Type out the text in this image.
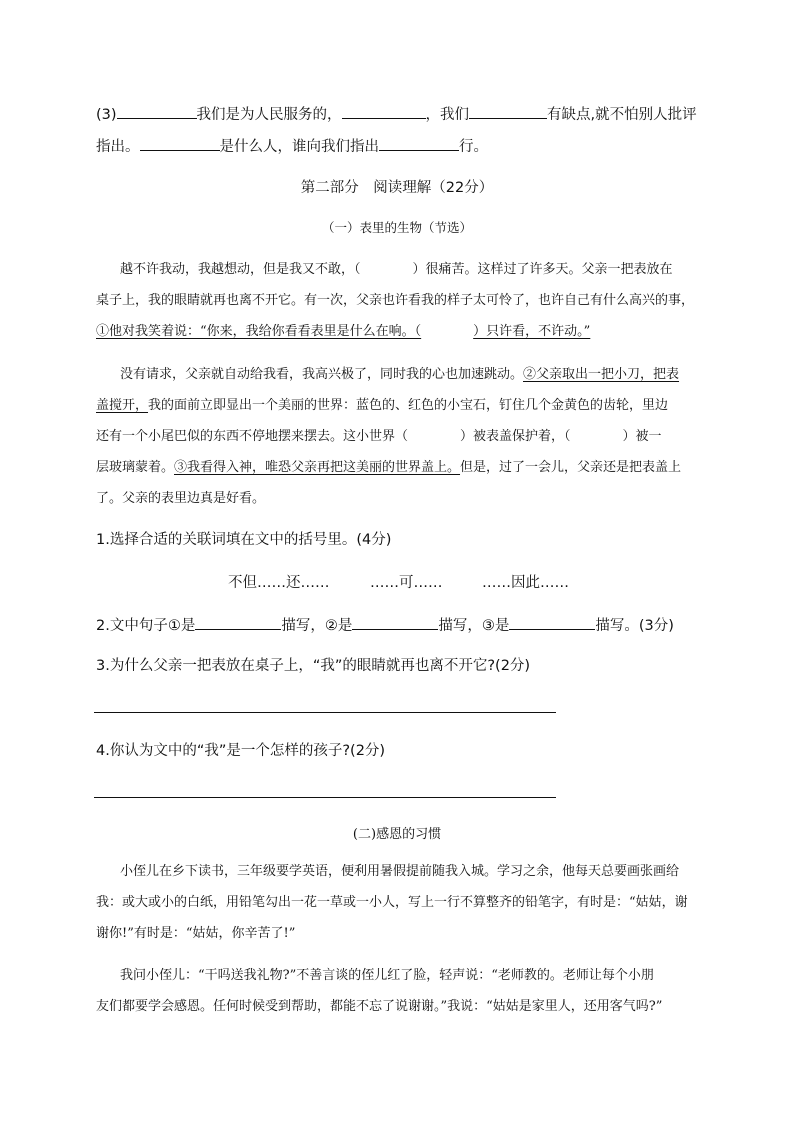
(3)	我们是为人民服务的，	，我们	有缺点,就不怕别人批评
指出。	是什么人，谁向我们指出	行。
第二部分　阅读理解（22分）
（一）表里的生物（节选）
越不许我动，我越想动，但是我又不敢，（	）很痛苦。这样过了许多天。父亲一把表放在
桌子上，我的眼睛就再也离不开它。有一次，父亲也许看我的样子太可怜了，也许自己有什么高兴的事，
①他对我笑着说：“你来，我给你看看表里是什么在响。（	）只许看，不许动。”
没有请求，父亲就自动给我看，我高兴极了，同时我的心也加速跳动。②父亲取出一把小刀，把表
盖搅开，我的面前立即显出一个美丽的世界：蓝色的、红色的小宝石，钉住几个金黄色的齿轮，里边
还有一个小尾巴似的东西不停地摆来摆去。这小世界（	）被表盖保护着，（	）被一
层玻璃蒙着。③我看得入神，唯恐父亲再把这美丽的世界盖上。但是，过了一会儿，父亲还是把表盖上
了。父亲的表里边真是好看。
1.选择合适的关联词填在文中的括号里。(4分)
不但……还……	……可……	……因此……
2.文中句子①是	描写，②是	描写，③是	描写。(3分)
3.为什么父亲一把表放在桌子上，“我”的眼睛就再也离不开它?(2分)
4.你认为文中的“我”是一个怎样的孩子?(2分)
(二)感恩的习惯
小侄儿在乡下读书，三年级要学英语，便利用暑假提前随我入城。学习之余，他每天总要画张画给
我：或大或小的白纸，用铅笔勾出一花一草或一小人，写上一行不算整齐的铅笔字，有时是：“姑姑，谢
谢你!”有时是：“姑姑，你辛苦了!”
我问小侄儿：“干吗送我礼物?”不善言谈的侄儿红了脸，轻声说：“老师教的。老师让每个小朋
友们都要学会感恩。任何时候受到帮助，都能不忘了说谢谢。”我说：“姑姑是家里人，还用客气吗?”
